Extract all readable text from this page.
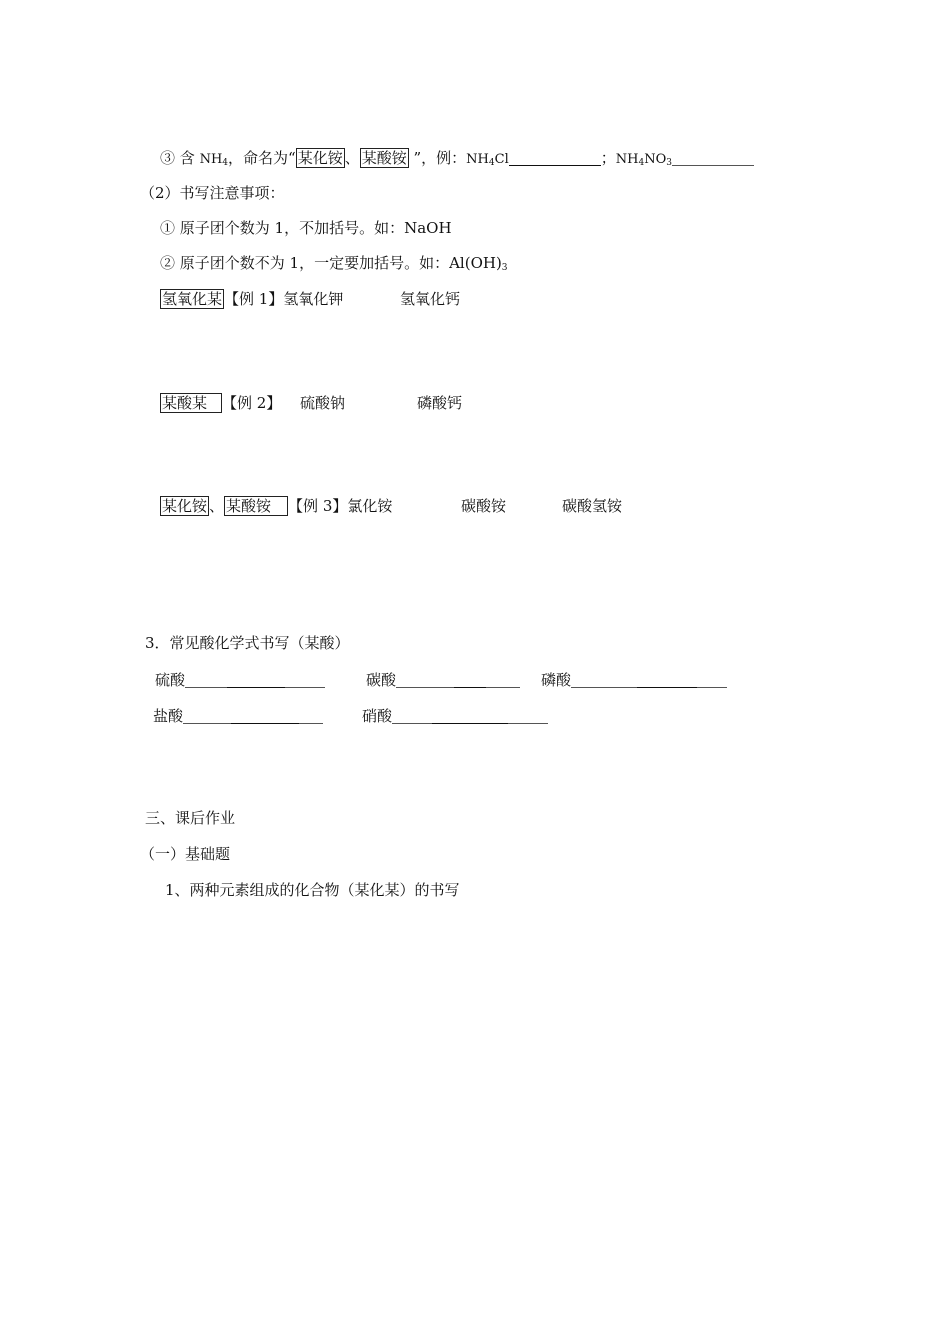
③ 含 $NH_4$，命名为“ 某化铵 、 某酸铵 ”，例：$NH_4Cl$	；$NH_4NO_3$
（2）书写注意事项：
① 原子团个数为 1，不加括号。如：NaOH
② 原子团个数不为 1，一定要加括号。如：$Al(OH)_3$
氢氧化某 【例 1】氢氧化钾	氢氧化钙
某酸某 【例 2】 硫酸钠	磷酸钙
某化铵 、 某酸铵 【例 3】氯化铵	碳酸铵	碳酸氢铵
3．常见酸化学式书写（某酸）
硫酸	碳酸	磷酸
盐酸	硝酸
三、课后作业
（一）基础题
1、两种元素组成的化合物（某化某）的书写
